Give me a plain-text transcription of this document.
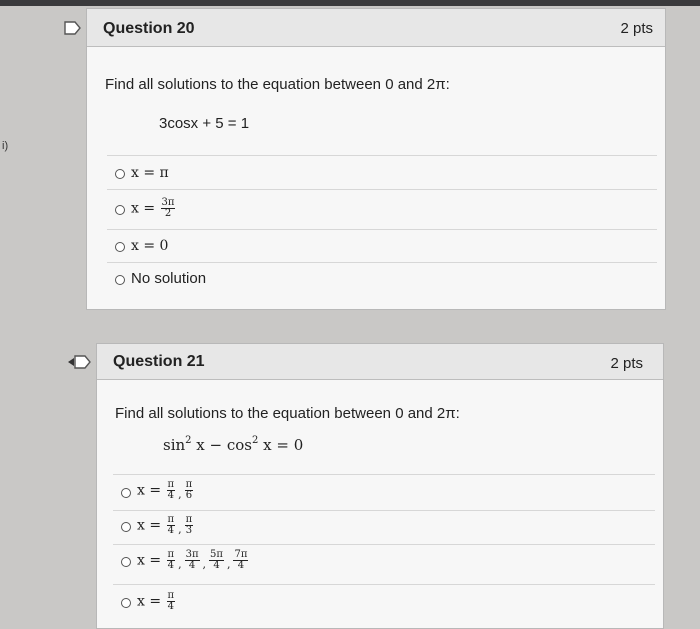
i)
Question 20	2 pts
Find all solutions to the equation between 0 and 2π:
3cosx + 5 = 1
x = π
$x = \frac{3\pi}{2}$
x = 0
No solution
Question 21	2 pts
Find all solutions to the equation between 0 and 2π:
$\sin^2 x - \cos^2 x = 0$
$x = \frac{\pi}{4} _, \frac{\pi}{6}$
$x = \frac{\pi}{4} _, \frac{\pi}{3}$
$x = \frac{\pi}{4} _, \frac{3\pi}{4} _, \frac{5\pi}{4} _, \frac{7\pi}{4}$
$x = \frac{\pi}{4}$
